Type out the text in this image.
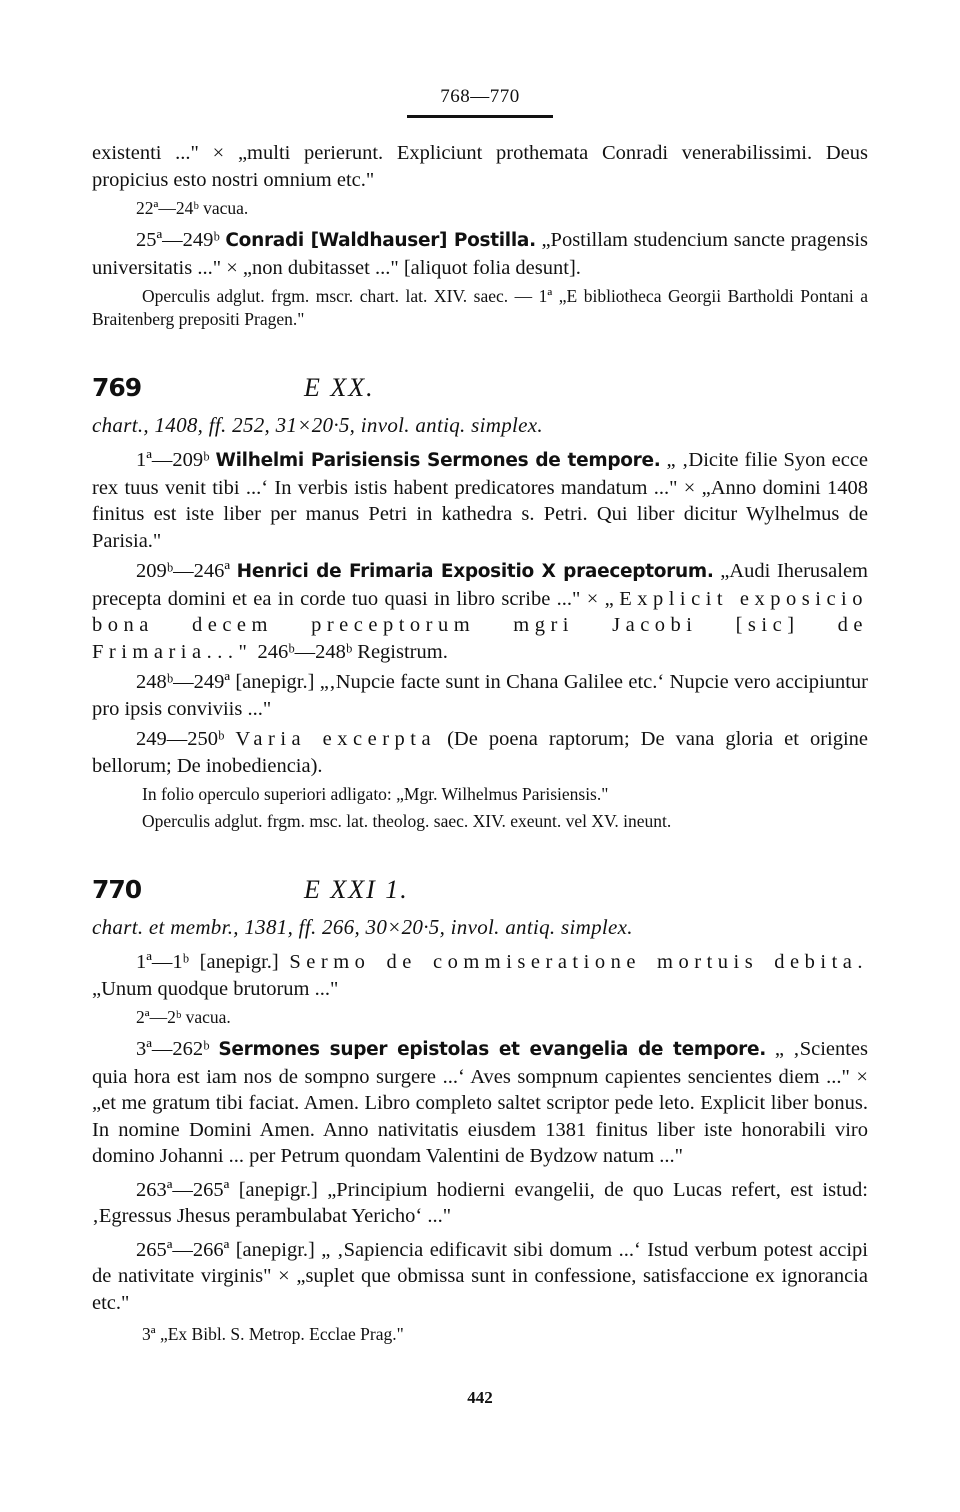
768—770

existenti ..." × „multi perierunt. Expliciunt prothemata Conradi venerabilissimi. Deus propicius esto nostri omnium etc."

22ª—24ᵇ vacua.

25ª—249ᵇ Conradi [Waldhauser] Postilla. „Postillam studencium sancte pragensis universitatis ..." × „non dubitasset ..." [aliquot folia desunt].

Operculis adglut. frgm. mscr. chart. lat. XIV. saec. — 1ª „E bibliotheca Georgii Bartholdi Pontani a Braitenberg prepositi Pragen."

769	E XX.

chart., 1408, ff. 252, 31×20·5, invol. antiq. simplex.

1ª—209ᵇ Wilhelmi Parisiensis Sermones de tempore. „ ‚Dicite filie Syon ecce rex tuus venit tibi ...‘ In verbis istis habent predicatores mandatum ..." × „Anno domini 1408 finitus est iste liber per manus Petri in kathedra s. Petri. Qui liber dicitur Wylhelmus de Parisia."

209ᵇ—246ª Henrici de Frimaria Expositio X praeceptorum. „Audi Iherusalem precepta domini et ea in corde tuo quasi in libro scribe ..." × „Explicit exposicio bona decem preceptorum mgri Jacobi [sic] de Frimaria..." 246ᵇ—248ᵇ Registrum.

248ᵇ—249ª [anepigr.] „‚Nupcie facte sunt in Chana Galilee etc.‘ Nupcie vero accipiuntur pro ipsis conviviis ..."

249—250ᵇ Varia excerpta (De poena raptorum; De vana gloria et origine bellorum; De inobediencia).

In folio operculo superiori adligato: „Mgr. Wilhelmus Parisiensis."

Operculis adglut. frgm. msc. lat. theolog. saec. XIV. exeunt. vel XV. ineunt.

770	E XXI 1.

chart. et membr., 1381, ff. 266, 30×20·5, invol. antiq. simplex.

1ª—1ᵇ [anepigr.] Sermo de commiseratione mortuis debita. „Unum quodque brutorum ..."

2ª—2ᵇ vacua.

3ª—262ᵇ Sermones super epistolas et evangelia de tempore. „ ‚Scientes quia hora est iam nos de sompno surgere ...‘ Aves sompnum capientes sencientes diem ..." × „et me gratum tibi faciat. Amen. Libro completo saltet scriptor pede leto. Explicit liber bonus. In nomine Domini Amen. Anno nativitatis eiusdem 1381 finitus liber iste honorabili viro domino Johanni ... per Petrum quondam Valentini de Bydzow natum ..."

263ª—265ª [anepigr.] „Principium hodierni evangelii, de quo Lucas refert, est istud: ‚Egressus Jhesus perambulabat Yericho‘ ..."

265ª—266ª [anepigr.] „ ‚Sapiencia edificavit sibi domum ...‘ Istud verbum potest accipi de nativitate virginis" × „suplet que obmissa sunt in confessione, satisfaccione ex ignorancia etc."

3ª „Ex Bibl. S. Metrop. Ecclae Prag."

442
